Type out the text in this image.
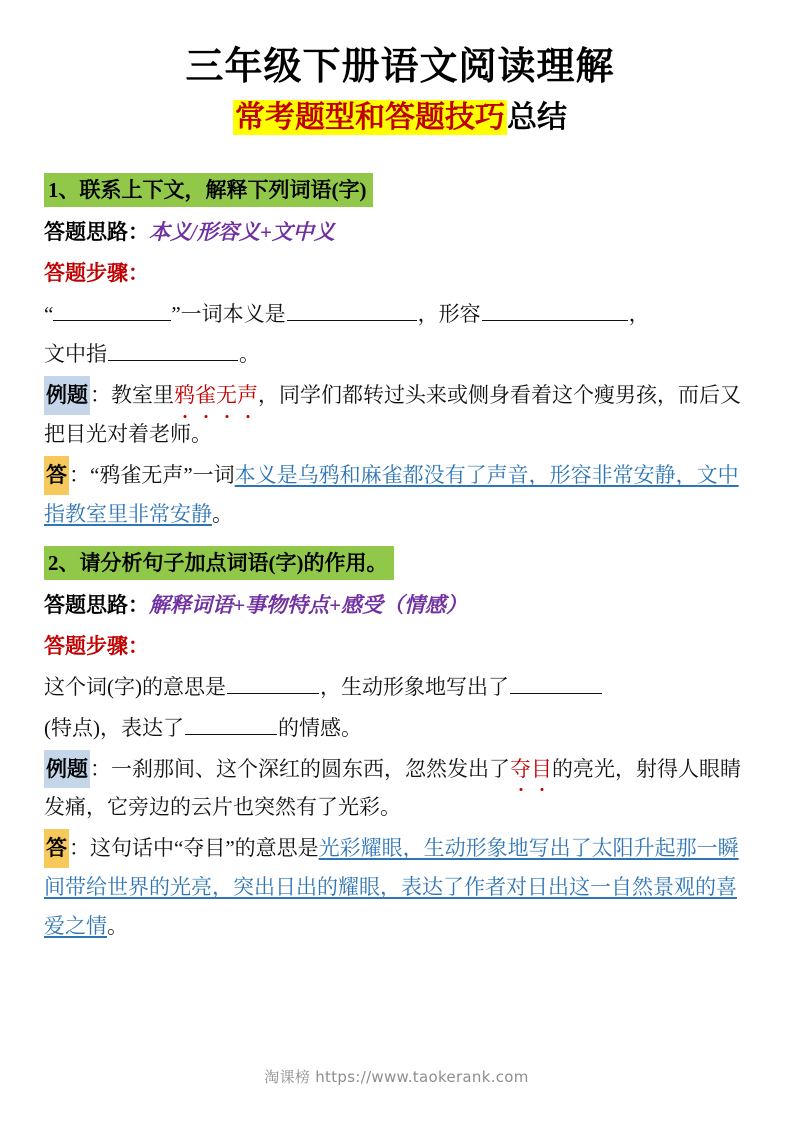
三年级下册语文阅读理解
常考题型和答题技巧总结
1、联系上下文，解释下列词语(字)
答题思路：本义/形容义+文中义
答题步骤：
“	”一词本义是	，形容	，
文中指	。
例题：教室里鸦雀无声，同学们都转过头来或侧身看着这个瘦男孩，而后又把目光对着老师。
答：“鸦雀无声”一词本义是乌鸦和麻雀都没有了声音，形容非常安静，文中指教室里非常安静。
2、请分析句子加点词语(字)的作用。
答题思路：解释词语+事物特点+感受（情感）
答题步骤：
这个词(字)的意思是	，生动形象地写出了
(特点)，表达了	的情感。
例题：一刹那间、这个深红的圆东西，忽然发出了夺目的亮光，射得人眼睛发痛，它旁边的云片也突然有了光彩。
答：这句话中“夺目”的意思是光彩耀眼，生动形象地写出了太阳升起那一瞬间带给世界的光亮，突出日出的耀眼，表达了作者对日出这一自然景观的喜爱之情。
淘课榜 https://www.taokerank.com
